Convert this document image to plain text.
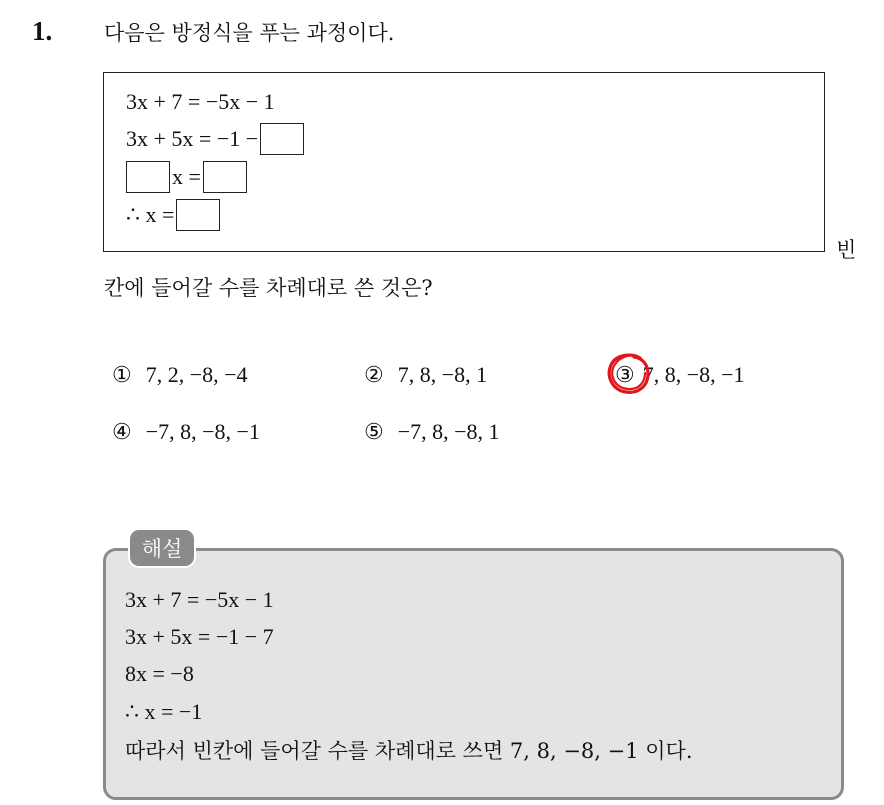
1. 다음은 방정식을 푸는 과정이다.
3x + 7 = −5x − 1
3x + 5x = −1 −
x =
∴ x =
빈
칸에 들어갈 수를 차례대로 쓴 것은?
① 7, 2, −8, −4	② 7, 8, −8, 1	③ 7, 8, −8, −1
④ −7, 8, −8, −1	⑤ −7, 8, −8, 1
해설
3x + 7 = −5x − 1
3x + 5x = −1 − 7
8x = −8
∴ x = −1
따라서 빈칸에 들어갈 수를 차례대로 쓰면 7, 8, −8, −1 이다.
